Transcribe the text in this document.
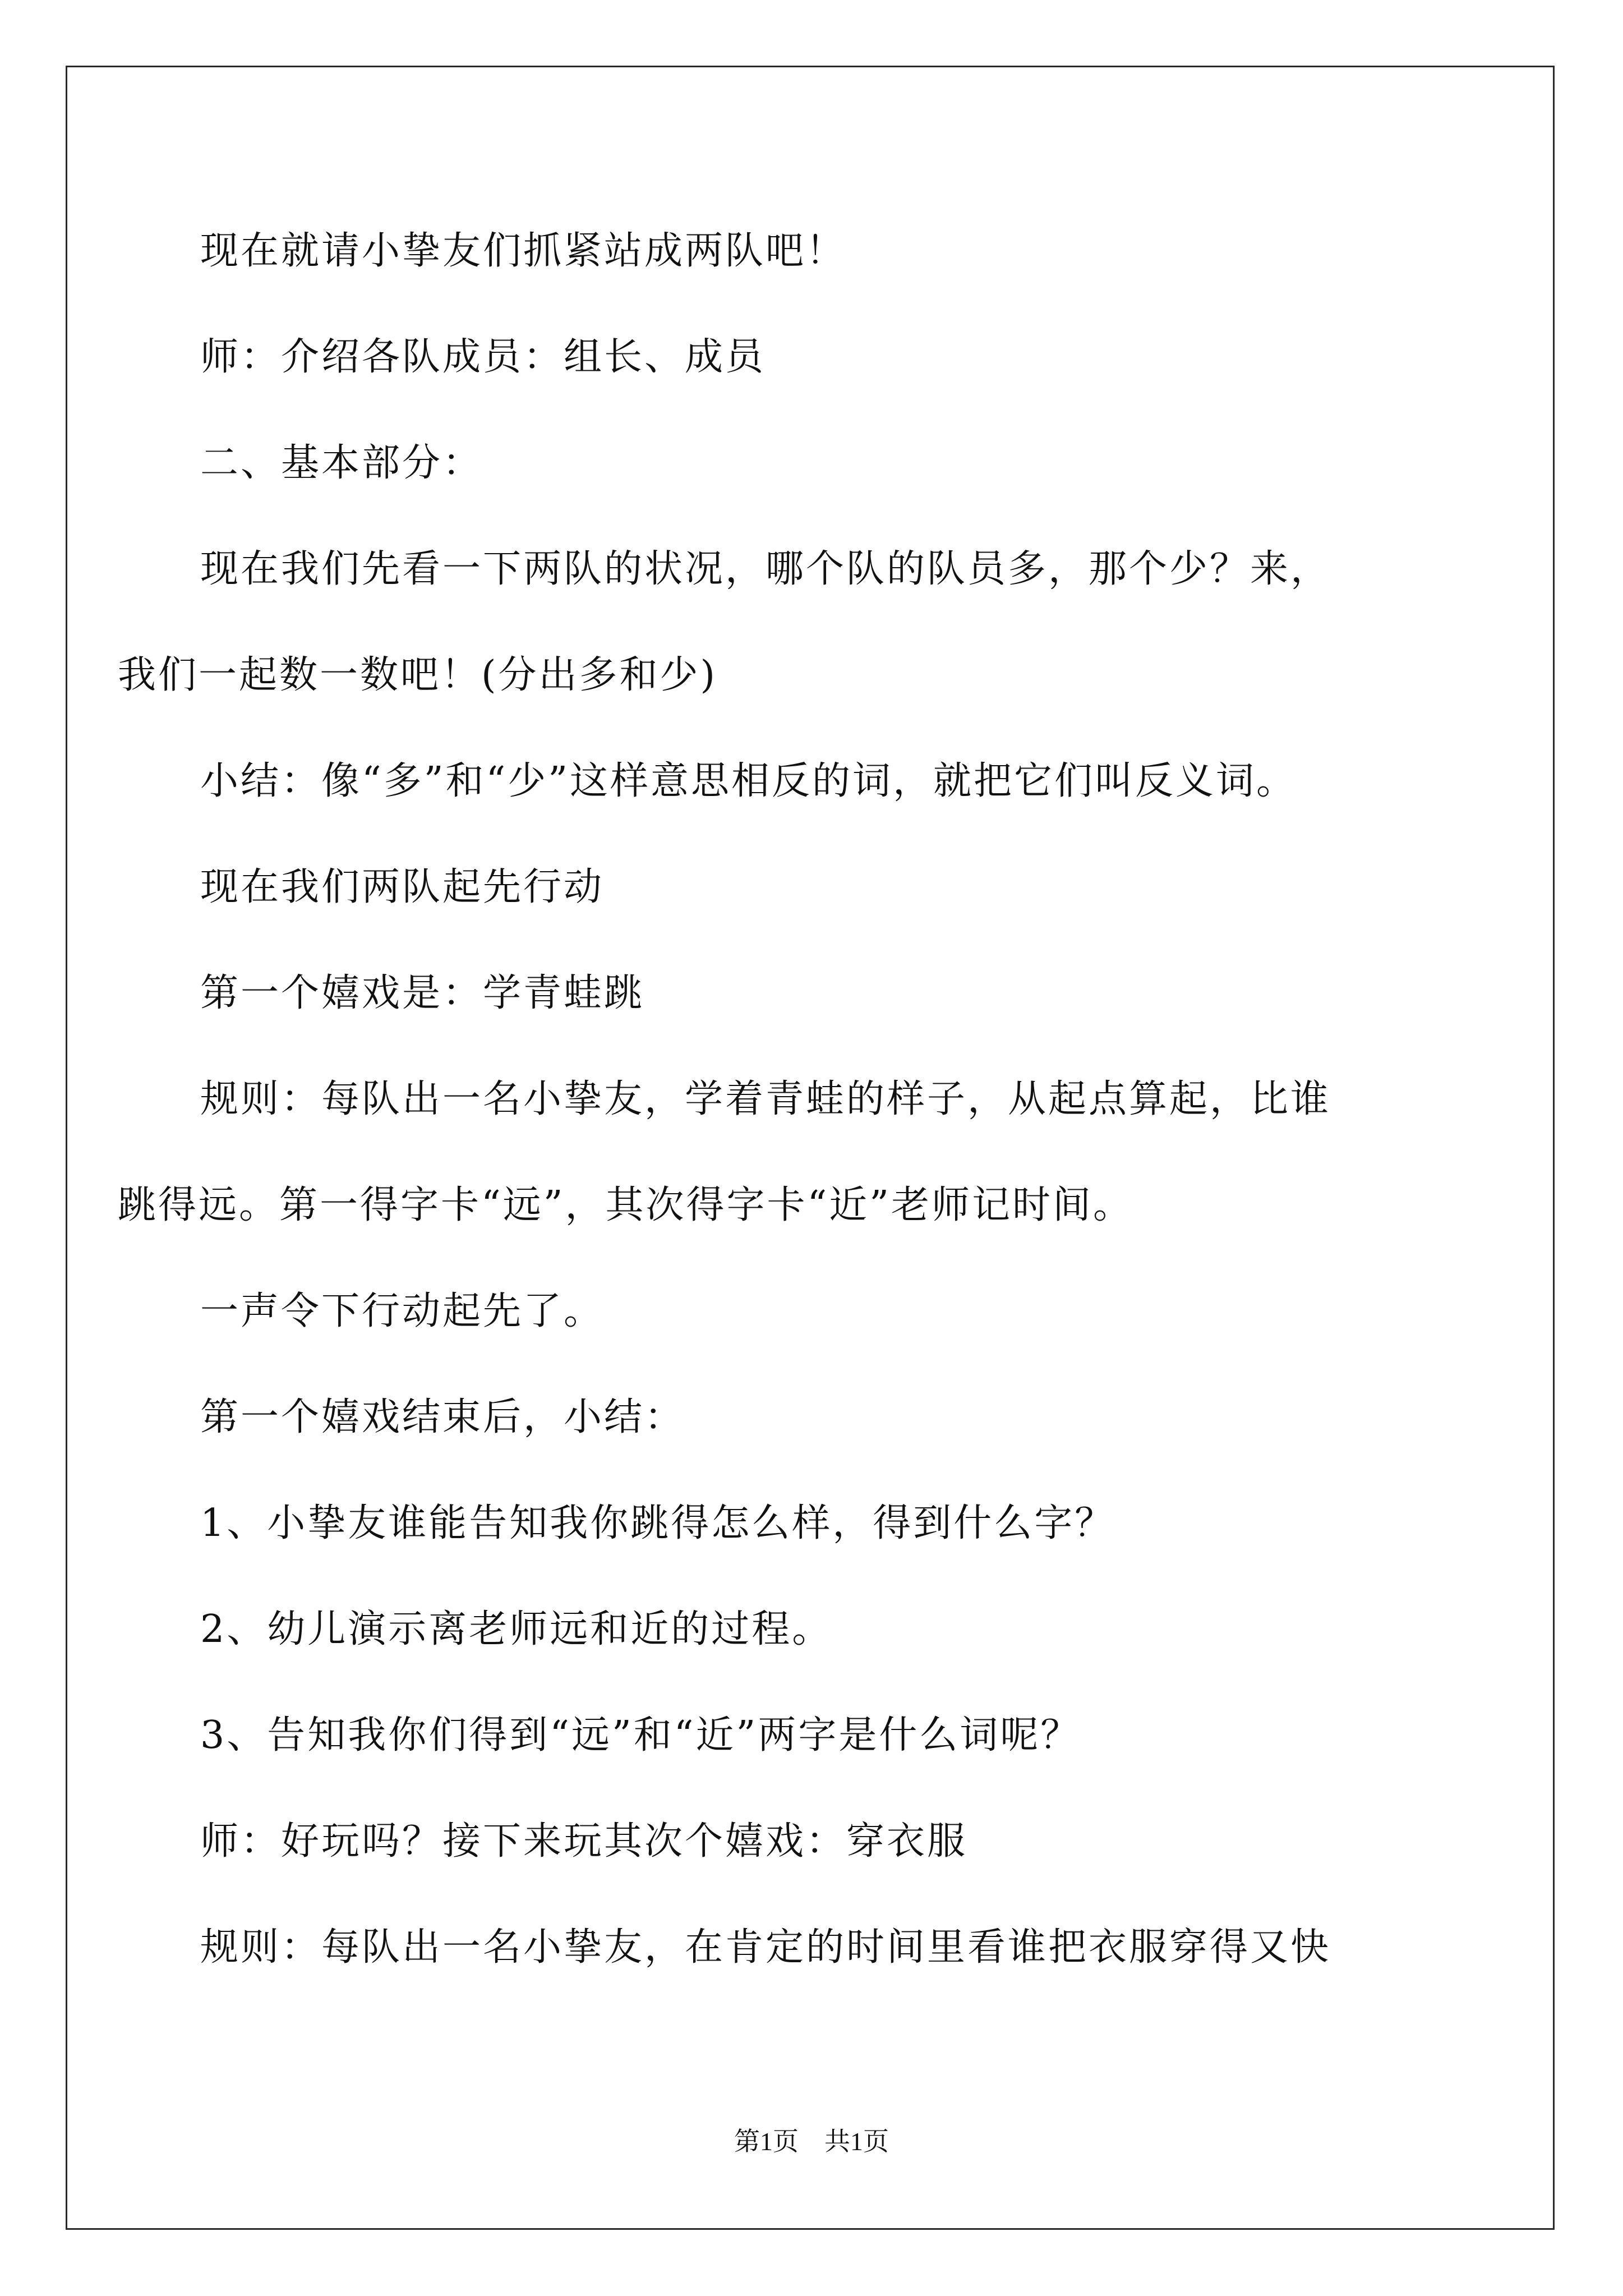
现在就请小挚友们抓紧站成两队吧！
师：介绍各队成员：组长、成员
二、基本部分：
现在我们先看一下两队的状况，哪个队的队员多，那个少？来，
我们一起数一数吧！(分出多和少)
小结：像“多”和“少”这样意思相反的词，就把它们叫反义词。
现在我们两队起先行动
第一个嬉戏是：学青蛙跳
规则：每队出一名小挚友，学着青蛙的样子，从起点算起，比谁
跳得远。第一得字卡“远”，其次得字卡“近”老师记时间。
一声令下行动起先了。
第一个嬉戏结束后，小结：
1、小挚友谁能告知我你跳得怎么样，得到什么字？
2、幼儿演示离老师远和近的过程。
3、告知我你们得到“远”和“近”两字是什么词呢？
师：好玩吗？接下来玩其次个嬉戏：穿衣服
规则：每队出一名小挚友，在肯定的时间里看谁把衣服穿得又快
第1页　共1页
